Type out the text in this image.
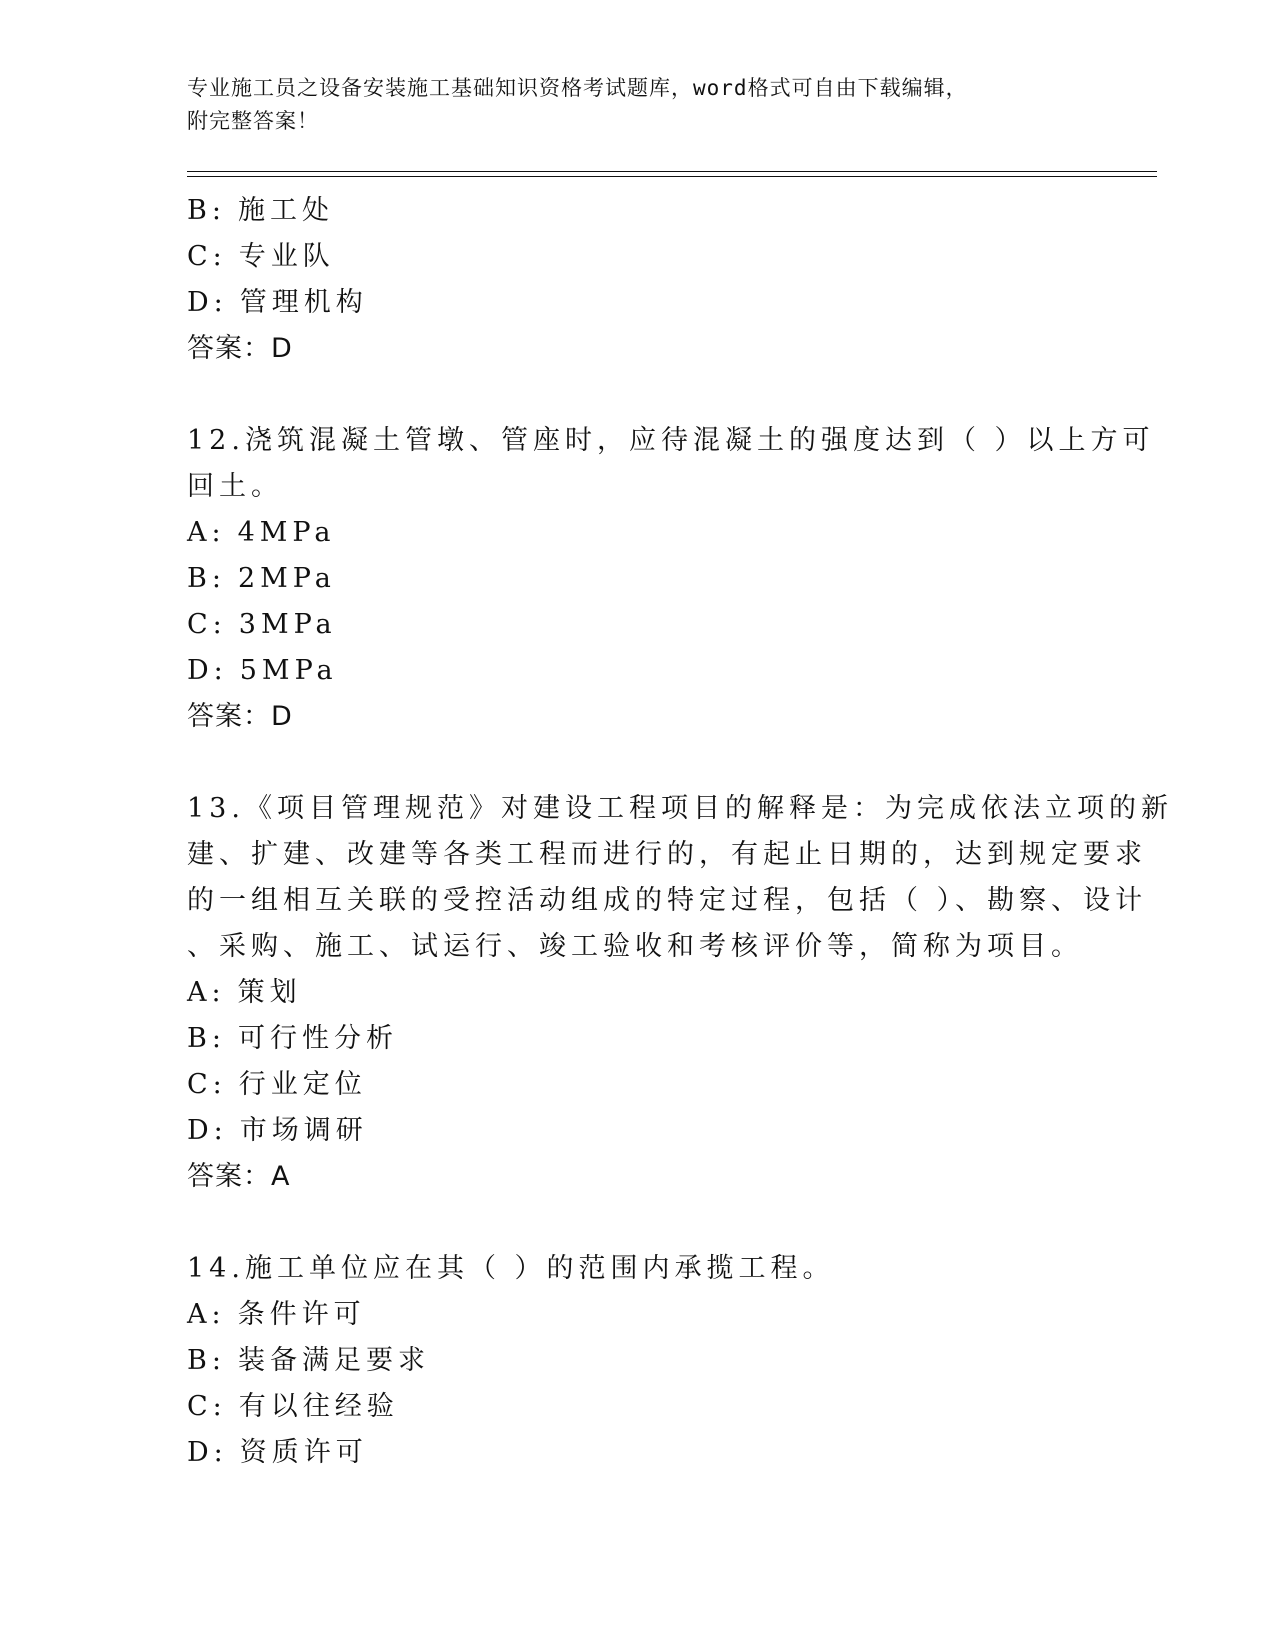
专业施工员之设备安装施工基础知识资格考试题库，word格式可自由下载编辑，
附完整答案！
B: 施工处
C: 专业队
D: 管理机构
答案：D
12.浇筑混凝土管墩、管座时，应待混凝土的强度达到（ ）以上方可
回土。
A: 4MPa
B: 2MPa
C: 3MPa
D: 5MPa
答案：D
13.《项目管理规范》对建设工程项目的解释是：为完成依法立项的新
建、扩建、改建等各类工程而进行的，有起止日期的，达到规定要求
的一组相互关联的受控活动组成的特定过程，包括（ ）、勘察、设计
、采购、施工、试运行、竣工验收和考核评价等，简称为项目。
A: 策划
B: 可行性分析
C: 行业定位
D: 市场调研
答案：A
14.施工单位应在其（ ）的范围内承揽工程。
A: 条件许可
B: 装备满足要求
C: 有以往经验
D: 资质许可
